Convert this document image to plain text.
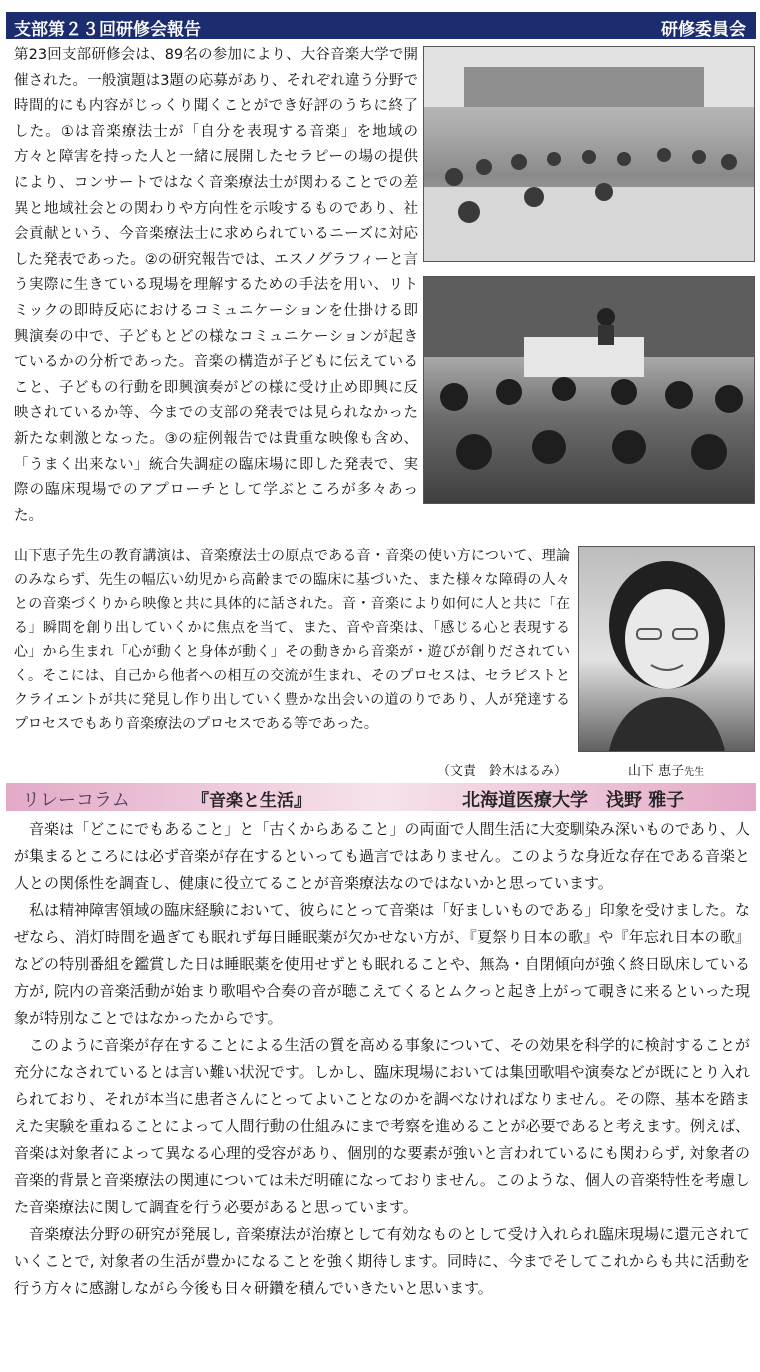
支部第２３回研修会報告	研修委員会

第23回支部研修会は、89名の参加により、大谷音楽大学で開催された。一般演題は3題の応募があり、それぞれ違う分野で時間的にも内容がじっくり聞くことができ好評のうちに終了した。①は音楽療法士が「自分を表現する音楽」を地域の方々と障害を持った人と一緒に展開したセラピーの場の提供により、コンサートではなく音楽療法士が関わることでの差異と地域社会との関わりや方向性を示唆するものであり、社会貢献という、今音楽療法士に求められているニーズに対応した発表であった。②の研究報告では、エスノグラフィーと言う実際に生きている現場を理解するための手法を用い、リトミックの即時反応におけるコミュニケーションを仕掛ける即興演奏の中で、子どもとどの様なコミュニケーションが起きているかの分析であった。音楽の構造が子どもに伝えていること、子どもの行動を即興演奏がどの様に受け止め即興に反映されているか等、今までの支部の発表では見られなかった新たな刺激となった。③の症例報告では貴重な映像も含め、「うまく出来ない」統合失調症の臨床場に即した発表で、実際の臨床現場でのアプローチとして学ぶところが多々あった。

山下恵子先生の教育講演は、音楽療法士の原点である音・音楽の使い方について、理論のみならず、先生の幅広い幼児から高齢までの臨床に基づいた、また様々な障碍の人々との音楽づくりから映像と共に具体的に話された。音・音楽により如何に人と共に「在る」瞬間を創り出していくかに焦点を当て、また、音や音楽は、「感じる心と表現する心」から生まれ「心が動くと身体が動く」その動きから音楽が・遊びが創りだされていく。そこには、自己から他者への相互の交流が生まれ、そのプロセスは、セラピストとクライエントが共に発見し作り出していく豊かな出会いの道のりであり、人が発達するプロセスでもあり音楽療法のプロセスである等であった。

（文責　鈴木はるみ）	山下 恵子先生
リレーコラム	『音楽と生活』	北海道医療大学　浅野 雅子

音楽は「どこにでもあること」と「古くからあること」の両面で人間生活に大変馴染み深いものであり、人が集まるところには必ず音楽が存在するといっても過言ではありません。このような身近な存在である音楽と人との関係性を調査し、健康に役立てることが音楽療法なのではないかと思っています。

私は精神障害領域の臨床経験において、彼らにとって音楽は「好ましいものである」印象を受けました。なぜなら、消灯時間を過ぎても眠れず毎日睡眠薬が欠かせない方が、『夏祭り日本の歌』や『年忘れ日本の歌』などの特別番組を鑑賞した日は睡眠薬を使用せずとも眠れることや、無為・自閉傾向が強く終日臥床している方が, 院内の音楽活動が始まり歌唱や合奏の音が聴こえてくるとムクっと起き上がって覗きに来るといった現象が特別なことではなかったからです。

このように音楽が存在することによる生活の質を高める事象について、その効果を科学的に検討することが充分になされているとは言い難い状況です。しかし、臨床現場においては集団歌唱や演奏などが既にとり入れられており、それが本当に患者さんにとってよいことなのかを調べなければなりません。その際、基本を踏まえた実験を重ねることによって人間行動の仕組みにまで考察を進めることが必要であると考えます。例えば、音楽は対象者によって異なる心理的受容があり、個別的な要素が強いと言われているにも関わらず, 対象者の音楽的背景と音楽療法の関連については未だ明確になっておりません。このような、個人の音楽特性を考慮した音楽療法に関して調査を行う必要があると思っています。

音楽療法分野の研究が発展し, 音楽療法が治療として有効なものとして受け入れられ臨床現場に還元されていくことで, 対象者の生活が豊かになることを強く期待します。同時に、今までそしてこれからも共に活動を行う方々に感謝しながら今後も日々研鑽を積んでいきたいと思います。
